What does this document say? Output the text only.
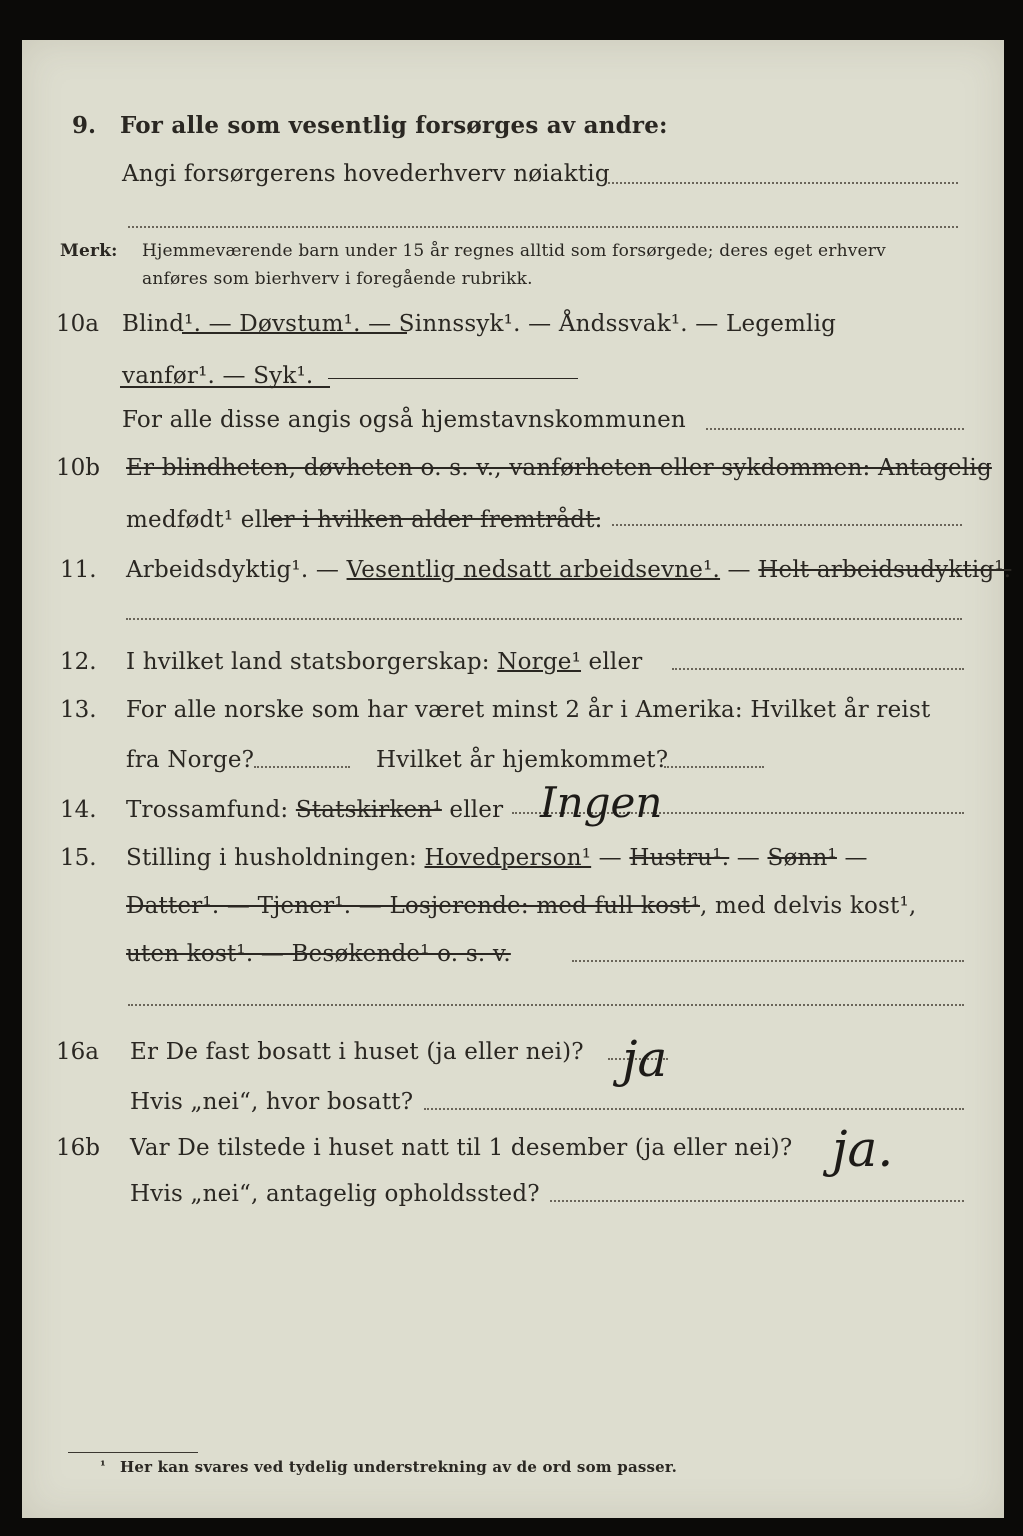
9. For alle som vesentlig forsørges av andre:
Angi forsørgerens hovederhverv nøiaktig
Merk: Hjemmeværende barn under 15 år regnes alltid som forsørgede; deres eget erhverv
anføres som bierhverv i foregående rubrikk.
10a Blind¹. — Døvstum¹. — Sinnssyk¹. — Åndssvak¹. — Legemlig
vanfør¹. — Syk¹.
For alle disse angis også hjemstavnskommunen
10b Er blindheten, døvheten o. s. v., vanførheten eller sykdommen: Antagelig
medfødt¹ eller i hvilken alder fremtrådt:
11. Arbeidsdyktig¹. — Vesentlig nedsatt arbeidsevne¹. — Helt arbeidsudyktig¹.
12. I hvilket land statsborgerskap: Norge¹ eller
13. For alle norske som har været minst 2 år i Amerika: Hvilket år reist
fra Norge?	Hvilket år hjemkommet?
14. Trossamfund: Statskirken¹ eller Ingen
15. Stilling i husholdningen: Hovedperson¹ — Hustru¹. — Sønn¹ —
Datter¹. — Tjener¹. — Losjerende: med full kost¹, med delvis kost¹,
uten kost¹. — Besøkende¹ o. s. v.
16a Er De fast bosatt i huset (ja eller nei)? ja
Hvis „nei“, hvor bosatt?
16b Var De tilstede i huset natt til 1 desember (ja eller nei)? ja.
Hvis „nei“, antagelig opholdssted?
¹ Her kan svares ved tydelig understrekning av de ord som passer.
